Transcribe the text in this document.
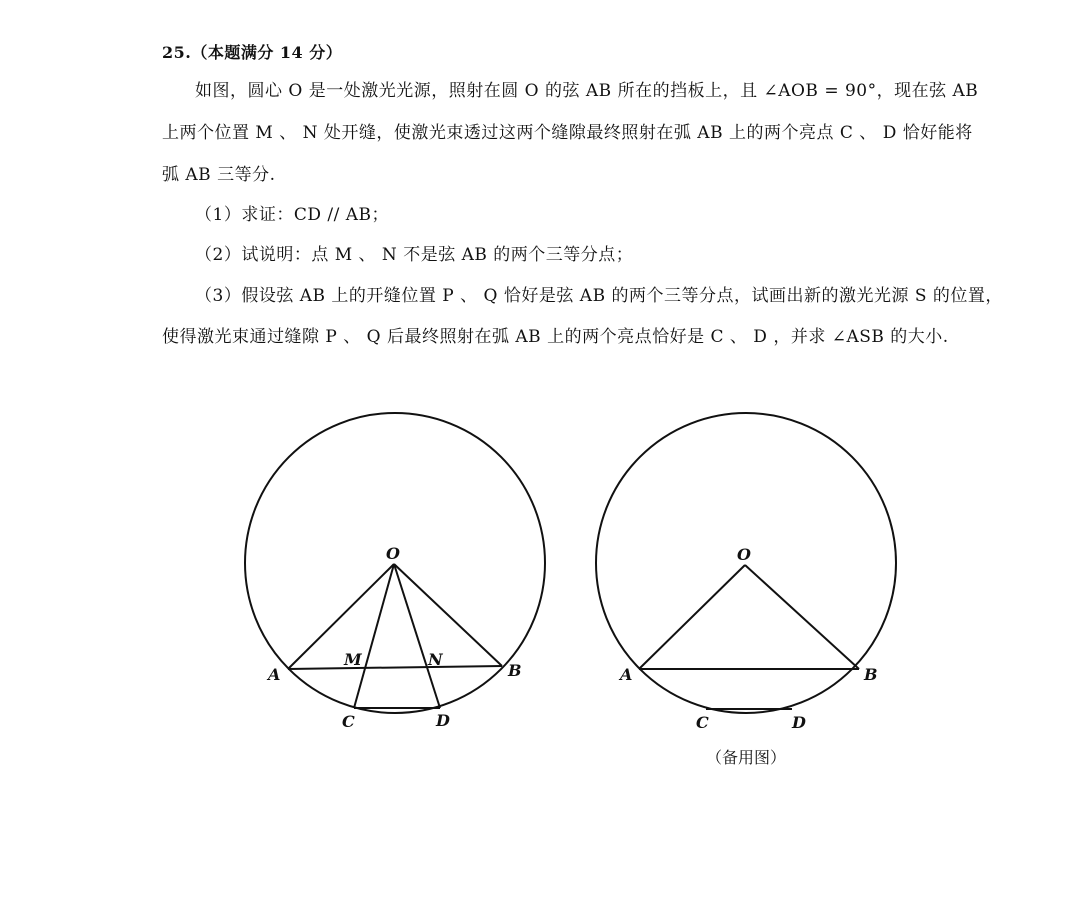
25.（本题满分 14 分）
如图，圆心 O 是一处激光光源，照射在圆 O 的弦 AB 所在的挡板上，且 ∠AOB = 90°，现在弦 AB
上两个位置 M 、 N 处开缝，使激光束透过这两个缝隙最终照射在弧 AB 上的两个亮点 C 、 D 恰好能将
弧 AB 三等分.
（1）求证：CD // AB；
（2）试说明：点 M 、 N 不是弦 AB 的两个三等分点；
（3）假设弦 AB 上的开缝位置 P 、 Q 恰好是弦 AB 的两个三等分点，试画出新的激光光源 S 的位置，
使得激光束通过缝隙 P 、 Q 后最终照射在弧 AB 上的两个亮点恰好是 C 、 D ，并求 ∠ASB 的大小.
O
A	B
M	N
C	D
O
A	B
C	D
（备用图）
